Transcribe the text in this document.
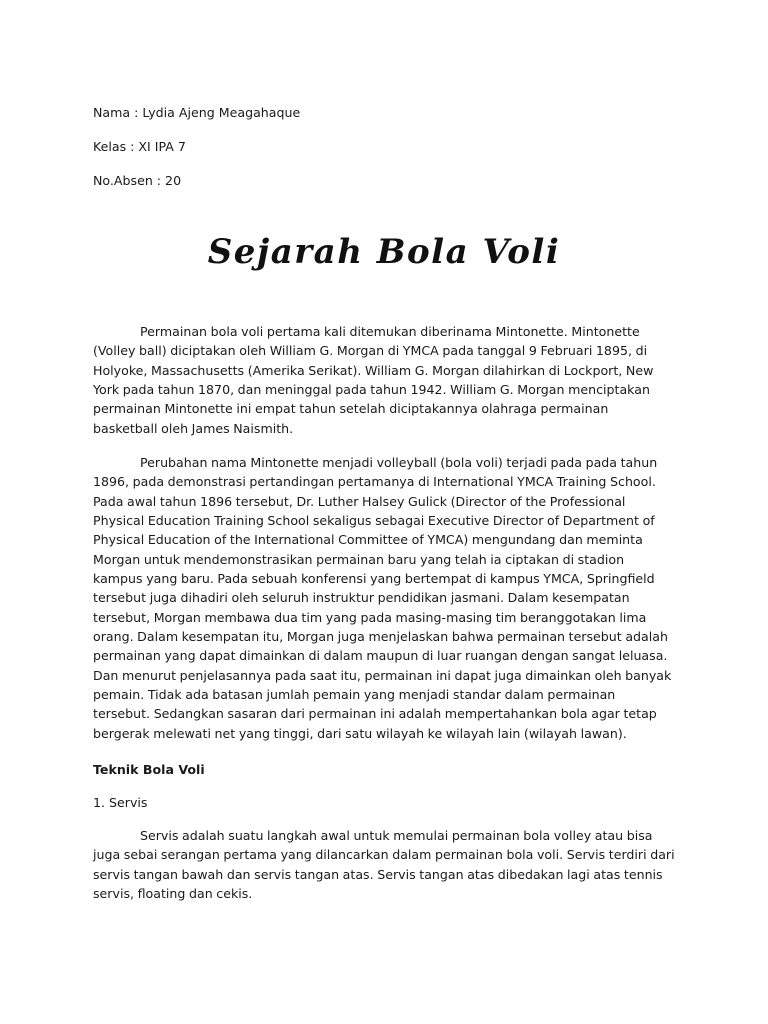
Nama : Lydia Ajeng Meagahaque
Kelas : XI IPA 7
No.Absen : 20
Sejarah Bola Voli

Permainan bola voli pertama kali ditemukan diberinama Mintonette. Mintonette (Volley ball) diciptakan oleh William G. Morgan di YMCA pada tanggal 9 Februari 1895, di Holyoke, Massachusetts (Amerika Serikat). William G. Morgan dilahirkan di Lockport, New York pada tahun 1870, dan meninggal pada tahun 1942. William G. Morgan menciptakan permainan Mintonette ini empat tahun setelah diciptakannya olahraga permainan basketball oleh James Naismith.

Perubahan nama Mintonette menjadi volleyball (bola voli) terjadi pada pada tahun 1896, pada demonstrasi pertandingan pertamanya di International YMCA Training School. Pada awal tahun 1896 tersebut, Dr. Luther Halsey Gulick (Director of the Professional Physical Education Training School sekaligus sebagai Executive Director of Department of Physical Education of the International Committee of YMCA) mengundang dan meminta Morgan untuk mendemonstrasikan permainan baru yang telah ia ciptakan di stadion kampus yang baru. Pada sebuah konferensi yang bertempat di kampus YMCA, Springfield tersebut juga dihadiri oleh seluruh instruktur pendidikan jasmani. Dalam kesempatan tersebut, Morgan membawa dua tim yang pada masing-masing tim beranggotakan lima orang. Dalam kesempatan itu, Morgan juga menjelaskan bahwa permainan tersebut adalah permainan yang dapat dimainkan di dalam maupun di luar ruangan dengan sangat leluasa. Dan menurut penjelasannya pada saat itu, permainan ini dapat juga dimainkan oleh banyak pemain. Tidak ada batasan jumlah pemain yang menjadi standar dalam permainan tersebut. Sedangkan sasaran dari permainan ini adalah mempertahankan bola agar tetap bergerak melewati net yang tinggi, dari satu wilayah ke wilayah lain (wilayah lawan).

Teknik Bola Voli
1. Servis

Servis adalah suatu langkah awal untuk memulai permainan bola volley atau bisa juga sebai serangan pertama yang dilancarkan dalam permainan bola voli. Servis terdiri dari servis tangan bawah dan servis tangan atas. Servis tangan atas dibedakan lagi atas tennis servis, floating dan cekis.
